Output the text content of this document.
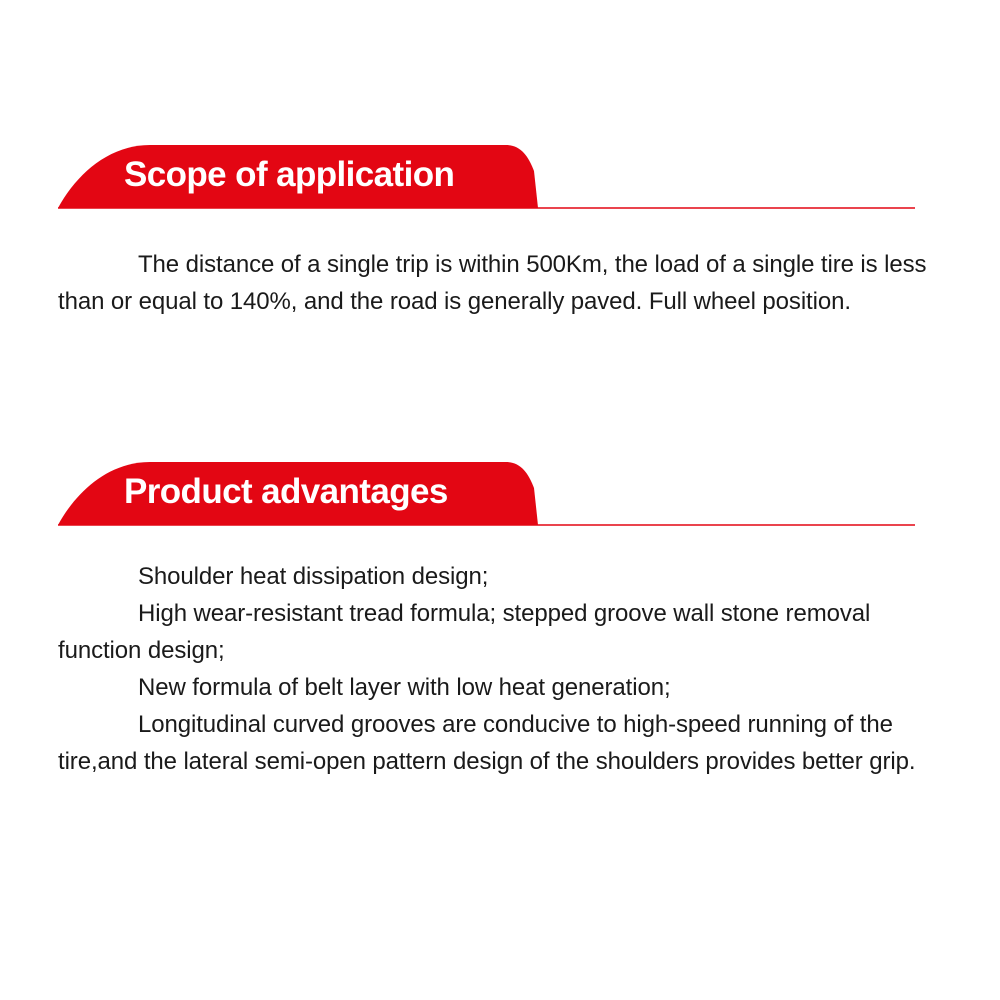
Scope of application

The distance of a single trip is within 500Km, the load of a single tire is less than or equal to 140%, and the road is generally paved. Full wheel position.

Product advantages

Shoulder heat dissipation design;

High wear-resistant tread formula; stepped groove wall stone removal function design;

New formula of belt layer with low heat generation;

Longitudinal curved grooves are conducive to high-speed running of the tire,and the lateral semi-open pattern design of the shoulders provides better grip.
